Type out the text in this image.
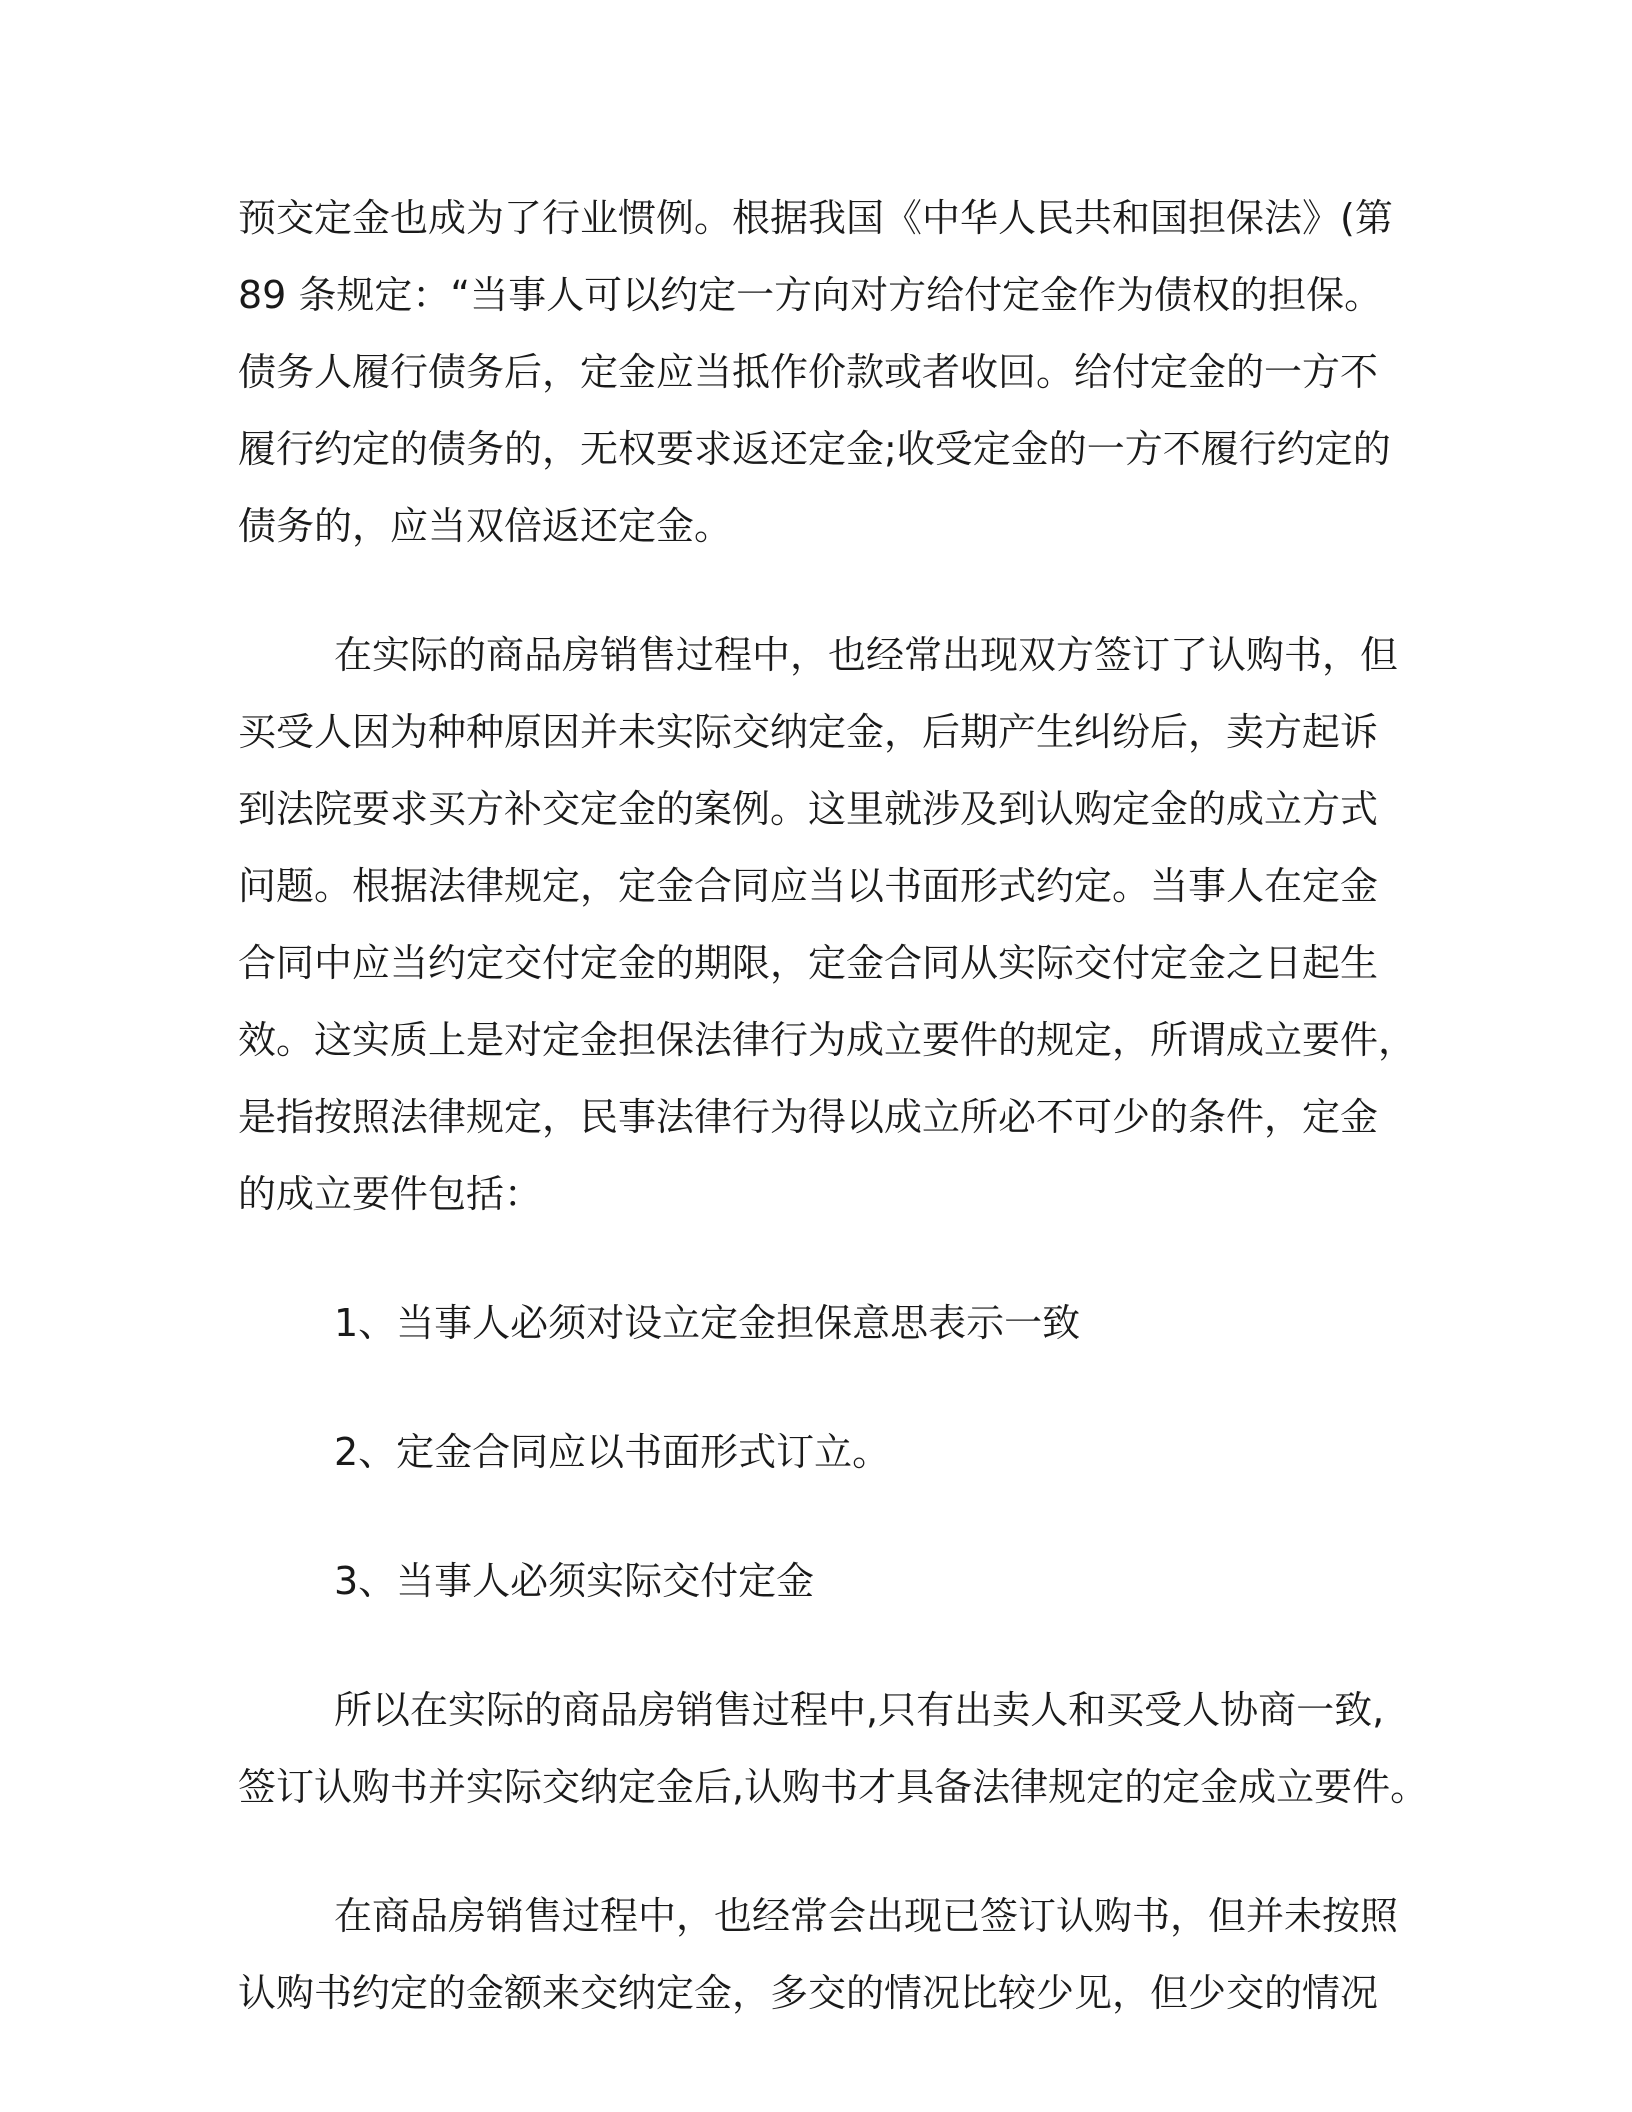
预交定金也成为了行业惯例。根据我国《中华人民共和国担保法》(第
89 条规定：“当事人可以约定一方向对方给付定金作为债权的担保。
债务人履行债务后，定金应当抵作价款或者收回。给付定金的一方不
履行约定的债务的，无权要求返还定金;收受定金的一方不履行约定的
债务的，应当双倍返还定金。
在实际的商品房销售过程中，也经常出现双方签订了认购书，但
买受人因为种种原因并未实际交纳定金，后期产生纠纷后，卖方起诉
到法院要求买方补交定金的案例。这里就涉及到认购定金的成立方式
问题。根据法律规定，定金合同应当以书面形式约定。当事人在定金
合同中应当约定交付定金的期限，定金合同从实际交付定金之日起生
效。这实质上是对定金担保法律行为成立要件的规定，所谓成立要件，
是指按照法律规定，民事法律行为得以成立所必不可少的条件，定金
的成立要件包括：
1、当事人必须对设立定金担保意思表示一致
2、定金合同应以书面形式订立。
3、当事人必须实际交付定金
所以在实际的商品房销售过程中,只有出卖人和买受人协商一致,
签订认购书并实际交纳定金后,认购书才具备法律规定的定金成立要件。
在商品房销售过程中，也经常会出现已签订认购书，但并未按照
认购书约定的金额来交纳定金，多交的情况比较少见，但少交的情况
